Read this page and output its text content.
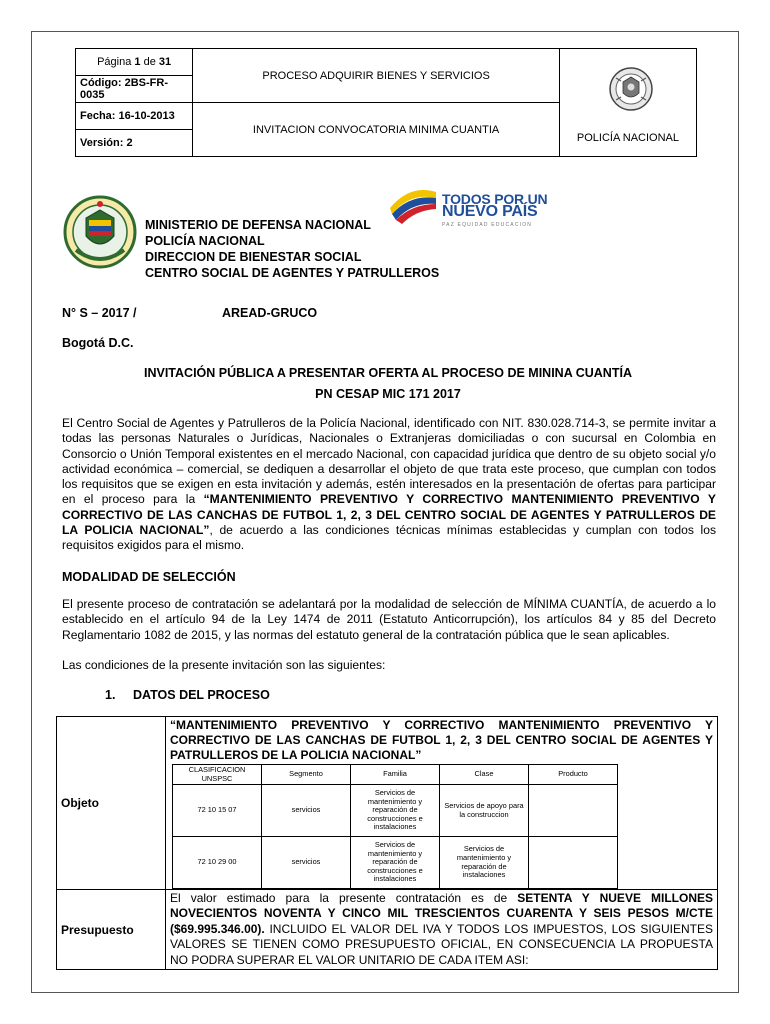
Página 1 de 31	PROCESO ADQUIRIR BIENES Y SERVICIOS	POLICÍA NACIONAL
Código: 2BS-FR-0035		
Fecha: 16-10-2013	INVITACION CONVOCATORIA MINIMA CUANTIA	
Versión: 2		
TODOS POR UN
NUEVO PAÍS
PAZ EQUIDAD EDUCACION
MINISTERIO DE DEFENSA NACIONAL
POLICÍA NACIONAL
DIRECCION DE BIENESTAR SOCIAL
CENTRO SOCIAL DE AGENTES Y PATRULLEROS
N° S – 2017 /	AREAD-GRUCO
Bogotá D.C.
INVITACIÓN PÚBLICA A PRESENTAR OFERTA AL PROCESO DE MININA CUANTÍA
PN CESAP MIC 171 2017
El Centro Social de Agentes y Patrulleros de la Policía Nacional, identificado con NIT. 830.028.714-3, se permite invitar a todas las personas Naturales o Jurídicas, Nacionales o Extranjeras domiciliadas o con sucursal en Colombia en Consorcio o Unión Temporal existentes en el mercado Nacional, con capacidad jurídica que dentro de su objeto social y/o actividad económica – comercial, se dediquen a desarrollar el objeto de que trata este proceso, que cumplan con todos los requisitos que se exigen en esta invitación y además, estén interesados en la presentación de ofertas para participar en el proceso para la “MANTENIMIENTO PREVENTIVO Y CORRECTIVO MANTENIMIENTO PREVENTIVO Y CORRECTIVO DE LAS CANCHAS DE FUTBOL 1, 2, 3 DEL CENTRO SOCIAL DE AGENTES Y PATRULLEROS DE LA POLICIA NACIONAL”, de acuerdo a las condiciones técnicas mínimas establecidas y cumplan con todos los requisitos exigidos para el mismo.
MODALIDAD DE SELECCIÓN
El presente proceso de contratación se adelantará por la modalidad de selección de MÍNIMA CUANTÍA, de acuerdo a lo establecido en el artículo 94 de la Ley 1474 de 2011 (Estatuto Anticorrupción), los artículos 84 y 85 del Decreto Reglamentario 1082 de 2015, y las normas del estatuto general de la contratación pública que le sean aplicables.
Las condiciones de la presente invitación son las siguientes:
1. DATOS DEL PROCESO
Objeto	
“MANTENIMIENTO PREVENTIVO Y CORRECTIVO MANTENIMIENTO PREVENTIVO Y CORRECTIVO DE LAS CANCHAS DE FUTBOL 1, 2, 3 DEL CENTRO SOCIAL DE AGENTES Y PATRULLEROS DE LA POLICIA NACIONAL”
CLASIFICACION UNSPSC	Segmento	Familia	Clase	Producto
72 10 15 07	servicios	Servicios de mantenimiento y reparación de construcciones e instalaciones	Servicios de apoyo para la construccion	
72 10 29 00	servicios	Servicios de mantenimiento y reparación de construcciones e instalaciones	Servicios de mantenimiento y reparación de instalaciones	

Presupuesto	El valor estimado para la presente contratación es de SETENTA Y NUEVE MILLONES NOVECIENTOS NOVENTA Y CINCO MIL TRESCIENTOS CUARENTA Y SEIS PESOS M/CTE ($69.995.346.00). INCLUIDO EL VALOR DEL IVA Y TODOS LOS IMPUESTOS, LOS SIGUIENTES VALORES SE TIENEN COMO PRESUPUESTO OFICIAL, EN CONSECUENCIA LA PROPUESTA NO PODRA SUPERAR EL VALOR UNITARIO DE CADA ITEM ASI:
